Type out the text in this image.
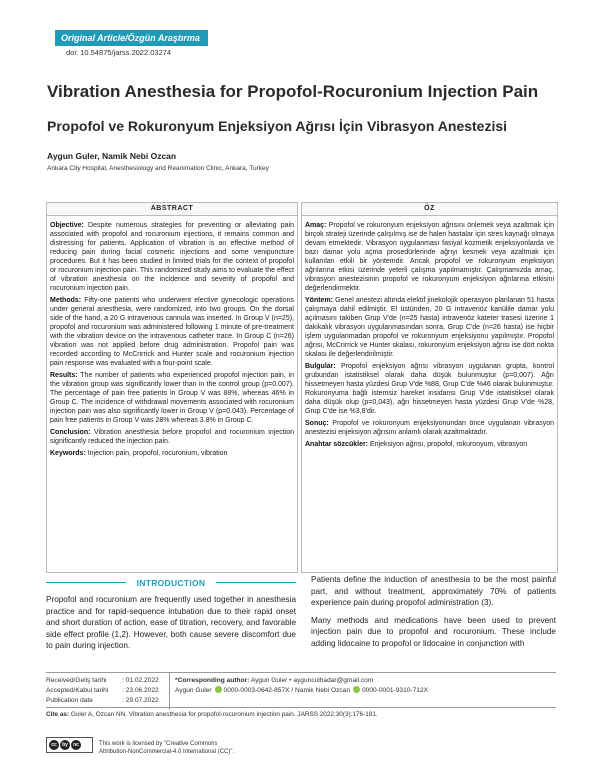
Original Article/Özgün Araştırma
doi: 10.54875/jarss.2022.03274
Vibration Anesthesia for Propofol-Rocuronium Injection Pain
Propofol ve Rokuronyum Enjeksiyon Ağrısı İçin Vibrasyon Anestezisi
Aygun Guler, Namik Nebi Ozcan
Ankara City Hospital, Anesthesiology and Reanimation Clinic, Ankara, Turkey
ABSTRACT

Objective: Despite numerous strategies for preventing or alleviating pain associated with propofol and rocuronium injections, it remains common and distressing for patients. Application of vibration is an effective method of reducing pain during facial cosmetic injections and some venipuncture procedures. But it has been studied in limited trials for the context of propofol or rocuronium injection pain. This randomized study aims to evaluate the effect of vibration anesthesia on the incidence and severity of propofol and rocuronium injection pain.

Methods: Fifty-one patients who underwent elective gynecologic operations under general anesthesia, were randomized, into two groups. On the dorsal side of the hand, a 20 G intravenous cannula was inserted. In Group V (n=25), propofol and rocuronium was administered following 1 minute of pre-treatment with the vibration device on the intravenous catheter trace. In Group C (n=26) vibration was not applied before drug administration. Propofol pain was recorded according to McCrirrick and Hunter scale and rocuronium injection pain response was evaluated with a four-point scale.

Results: The number of patients who experienced propofol injection pain, in the vibration group was significantly lower than in the control group (p=0.007). The percentage of pain free patients in Group V was 88%, whereas 46% in Group C. The incidence of withdrawal movements associated with rocuronium injection pain was also significantly lower in Group V (p=0.043). Percentage of pain free patients in Group V was 28% whereas 3.8% in Group C.

Conclusion: Vibration anesthesia before propofol and rocuronium injection significantly reduced the injection pain.

Keywords: Injection pain, propofol, rocuronium, vibration

ÖZ

Amaç: Propofol ve rokuronyum enjeksiyon ağrısını önlemek veya azaltmak için birçok strateji üzerinde çalışılmış ise de halen hastalar için stres kaynağı olmaya devam etmektedir. Vibrasyon uygulanması fasiyal kozmetik enjeksiyonlarda ve bazı damar yolu açma prosedürlerinde ağrıyı kesmek veya azaltmak için kullanılan etkili bir yöntemdir. Ancak propofol ve rokuronyum enjeksiyon ağrılarına etkisi üzerinde yeterli çalışma yapılmamıştır. Çalışmamızda amaç, vibrasyon anestezisinin propofol ve rokuronyum enjeksiyon ağrılarına etkisini değerlendirmektir.

Yöntem: Genel anestezi altında elektif jinekolojik operasyon planlanan 51 hasta çalışmaya dahil edilmiştir. El üstünden, 20 G intravenöz kanülile damar yolu açılmasını takiben Grup V'de (n=25 hasta) intravenöz kateter trasesi üzerine 1 dakikalık vibrasyon uygulanmasından sonra, Grup C'de (n=26 hasta) ise hiçbir işlem uygulanmadan propofol ve rokuronyum enjeksiyonu yapılmıştır. Propofol ağrısı, McCrirrick ve Hunter skalası, rokuronyum enjeksiyon ağrısı ise dört nokta skalası ile değerlendirilmiştir.

Bulgular: Propofol enjeksiyon ağrısı vibrasyon uygulanan grupta, kontrol grubundan istatistiksel olarak daha düşük bulunmuştur (p=0,007). Ağrı hissetmeyen hasta yüzdesi Grup V'de %88, Grup C'de %46 olarak bulunmuştur. Rokuronyuma bağlı istemsiz hareket insidansı Grup V'de istatistiksel olarak daha düşük olup (p=0,043), ağrı hissetmeyen hasta yüzdesi Grup V'de %28, Grup C'de ise %3,8'dir.

Sonuç: Propofol ve rokuronyum enjeksiyonundan önce uygulanan vibrasyon anestezisi enjeksiyon ağrısını anlamlı olarak azaltmaktadır.

Anahtar sözcükler: Enjeksiyon ağrısı, propofol, rokuronyum, vibrasyon

INTRODUCTION

Propofol and rocuronium are frequently used together in anesthesia practice and for rapid-sequence intubation due to their rapid onset and short duration of action, ease of titration, recovery, and favorable side effect profile (1,2). However, both cause severe discomfort due to pain during injection.

Patients define the induction of anesthesia to be the most painful part, and without treatment, approximately 70% of patients experience pain during propofol administration (3).

Many methods and medications have been used to prevent injection pain due to propofol and rocuronium. These include adding lidocaine to propofol or lidocaine in conjunction with

Received/Geliş tarihi : 01.02.2022
Accepted/Kabul tarihi : 23.06.2022
Publication date	: 29.07.2022
*Corresponding author: Aygun Guler • aygunculhadar@gmail.com
Aygun Guler 0000-0003-0642-857X / Namik Nebi Ozcan 0000-0001-9310-712X
Cite as: Guler A, Ozcan NN. Vibration anesthesia for propofol-rocuronium injection pain. JARSS 2022;30(3):176-181.
cc	by	nc	This work is licensed by "Creative Commons
Attribution-NonCommercial-4.0 International (CC)".
